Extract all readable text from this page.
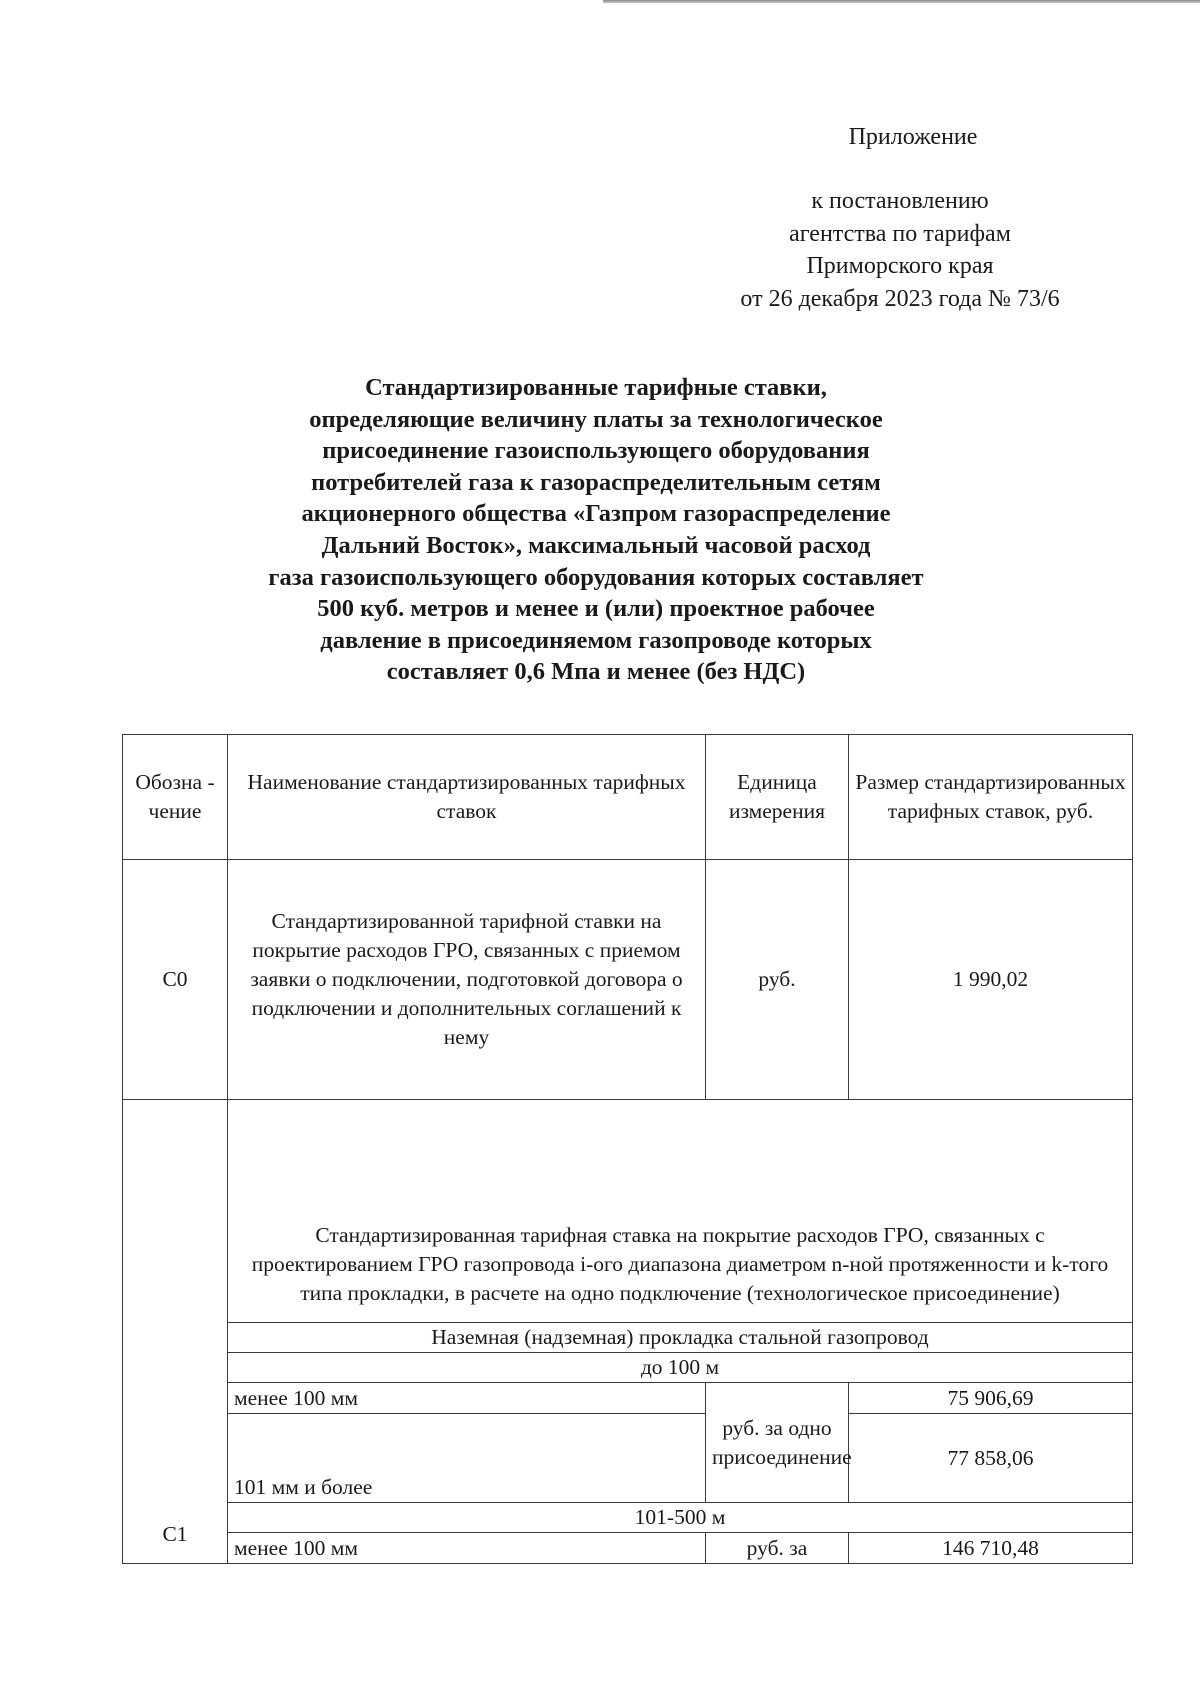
Приложение
к постановлению
агентства по тарифам
Приморского края
от 26 декабря 2023 года № 73/6
Стандартизированные тарифные ставки,
определяющие величину платы за технологическое
присоединение газоиспользующего оборудования
потребителей газа к газораспределительным сетям
акционерного общества «Газпром газораспределение
Дальний Восток», максимальный часовой расход
газа газоиспользующего оборудования которых составляет
500 куб. метров и менее и (или) проектное рабочее
давление в присоединяемом газопроводе которых
составляет 0,6 Мпа и менее (без НДС)
Обозна - чение	Наименование стандартизированных тарифных ставок	Единица измерения	Размер стандартизированных тарифных ставок, руб.
С0	Стандартизированной тарифной ставки на покрытие расходов ГРО, связанных с приемом заявки о подключении, подготовкой договора о подключении и дополнительных соглашений к нему	руб.	1 990,02
С1	Стандартизированная тарифная ставка на покрытие расходов ГРО, связанных с проектированием ГРО газопровода i-ого диапазона диаметром n-ной протяженности и k-того типа прокладки, в расчете на одно подключение (технологическое присоединение)		
	Наземная (надземная) прокладка стальной газопровод		
	до 100 м		
	менее 100 мм	руб. за одно присоединение	75 906,69
	101 мм и более		77 858,06
	101-500 м		
	менее 100 мм	руб. за	146 710,48
